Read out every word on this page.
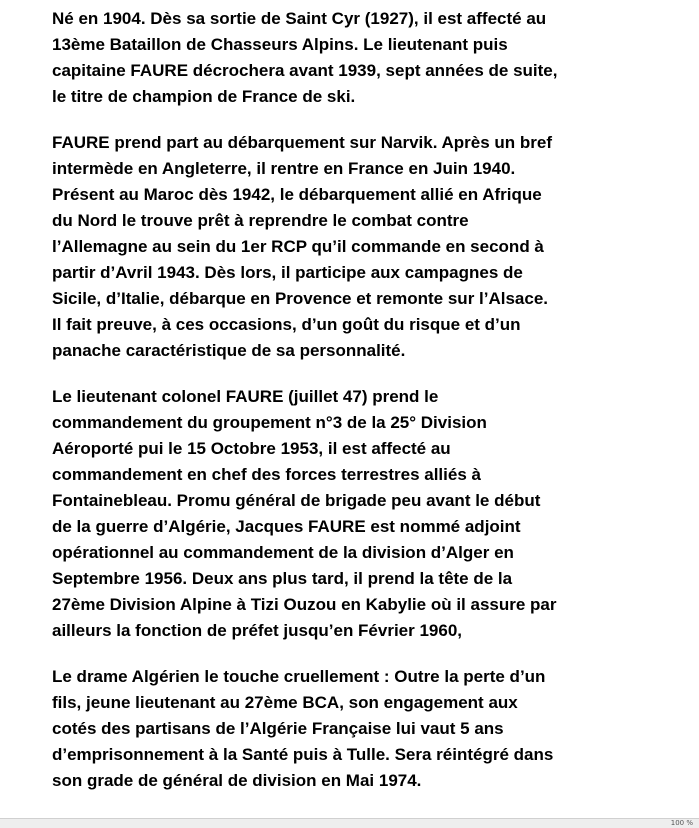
Né en 1904. Dès sa sortie de Saint Cyr (1927), il est affecté au
13ème Bataillon de Chasseurs Alpins. Le lieutenant puis
capitaine FAURE décrochera avant 1939, sept années de suite,
le titre de champion de France de ski.

FAURE prend part au débarquement sur Narvik. Après un bref
intermède en Angleterre, il rentre en France en Juin 1940.
Présent au Maroc dès 1942, le débarquement allié en Afrique
du Nord le trouve prêt à reprendre le combat contre
l’Allemagne au sein du 1er RCP qu’il commande en second à
partir d’Avril 1943. Dès lors, il participe aux campagnes de
Sicile, d’Italie, débarque en Provence et remonte sur l’Alsace.
Il fait preuve, à ces occasions, d’un goût du risque et d’un
panache caractéristique de sa personnalité.

Le lieutenant colonel FAURE (juillet 47) prend le
commandement du groupement n°3 de la 25° Division
Aéroporté pui le 15 Octobre 1953, il est affecté au
commandement en chef des forces terrestres alliés à
Fontainebleau. Promu général de brigade peu avant le début
de la guerre d’Algérie, Jacques FAURE est nommé adjoint
opérationnel au commandement de la division d’Alger en
Septembre 1956. Deux ans plus tard, il prend la tête de la
27ème Division Alpine à Tizi Ouzou en Kabylie où il assure par
ailleurs la fonction de préfet jusqu’en Février 1960,

Le drame Algérien le touche cruellement : Outre la perte d’un
fils, jeune lieutenant au 27ème BCA, son engagement aux
cotés des partisans de l’Algérie Française lui vaut 5 ans
d’emprisonnement à la Santé puis à Tulle. Sera réintégré dans
son grade de général de division en Mai 1974.

100 %
